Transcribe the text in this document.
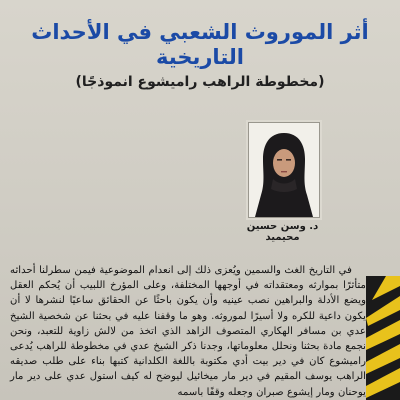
أثر الموروث الشعبي في الأحداث
التاريخية
(مخطوطة الراهب راميشوع انموذجًا)
د. وسن حسين محيميد

في التاريخ الغث والسمين ويُعزى ذلك إلى انعدام الموضوعية فيمن سطرلنا أحداثه متأثرًا بموارثه ومعتقداته في أوجهها المختلفة، وعلى المؤرخ اللبيب أن يُحكم العقل ويضع الأدلة والبراهين نصب عينيه وأن يكون باحثًا عن الحقائق ساعيًا لنشرها لا أن يكون داعية للكره ولا أسيرًا لموروثه. وهو ما وقفنا عليه في بحثنا عن شخصية الشيخ عدي بن مسافر الهكاري المتصوف الزاهد الذي اتخذ من لالش زاوية للتعبد، ونحن نجمع مادة بحثنا ونحلل معلوماتها، وجدنا ذكر الشيخ عدي في مخطوطة للراهب يُدعى راميشوع كان في دير بيت أدي مكتوبة باللغة الكلدانية كتبها بناء على طلب صديقه الراهب يوسف المقيم في دير مار ميخائيل ليوضح له كيف استول عدي على دير مار يوحنان ومار إيشوع صبران وجعله وقفًا باسمه
